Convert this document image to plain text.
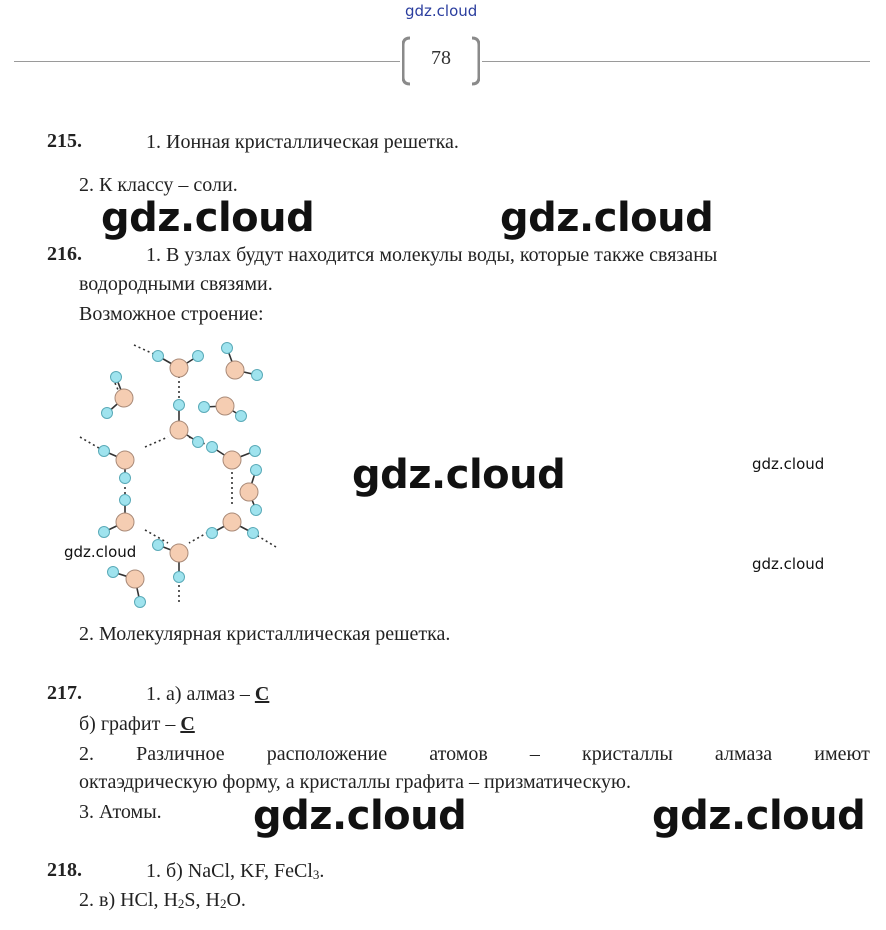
gdz.cloud
78
215.	1. Ионная кристаллическая решетка.
2. К классу – соли.
gdz.cloud	gdz.cloud
216.	1. В узлах будут находится молекулы воды, которые также связаны
водородными связями.
Возможное строение:
gdz.cloud	gdz.cloud
gdz.cloud
gdz.cloud
2. Молекулярная кристаллическая решетка.
217.	1. а) алмаз – С
б) графит – С
2. Различное расположение атомов – кристаллы алмаза имеют
октаэдрическую форму, а кристаллы графита – призматическую.
3. Атомы. gdz.cloud	gdz.cloud
218.	1. б) NaCl, KF, FeCl$_3$.
2. в) HCl, $H_2S$, $H_2O$.
